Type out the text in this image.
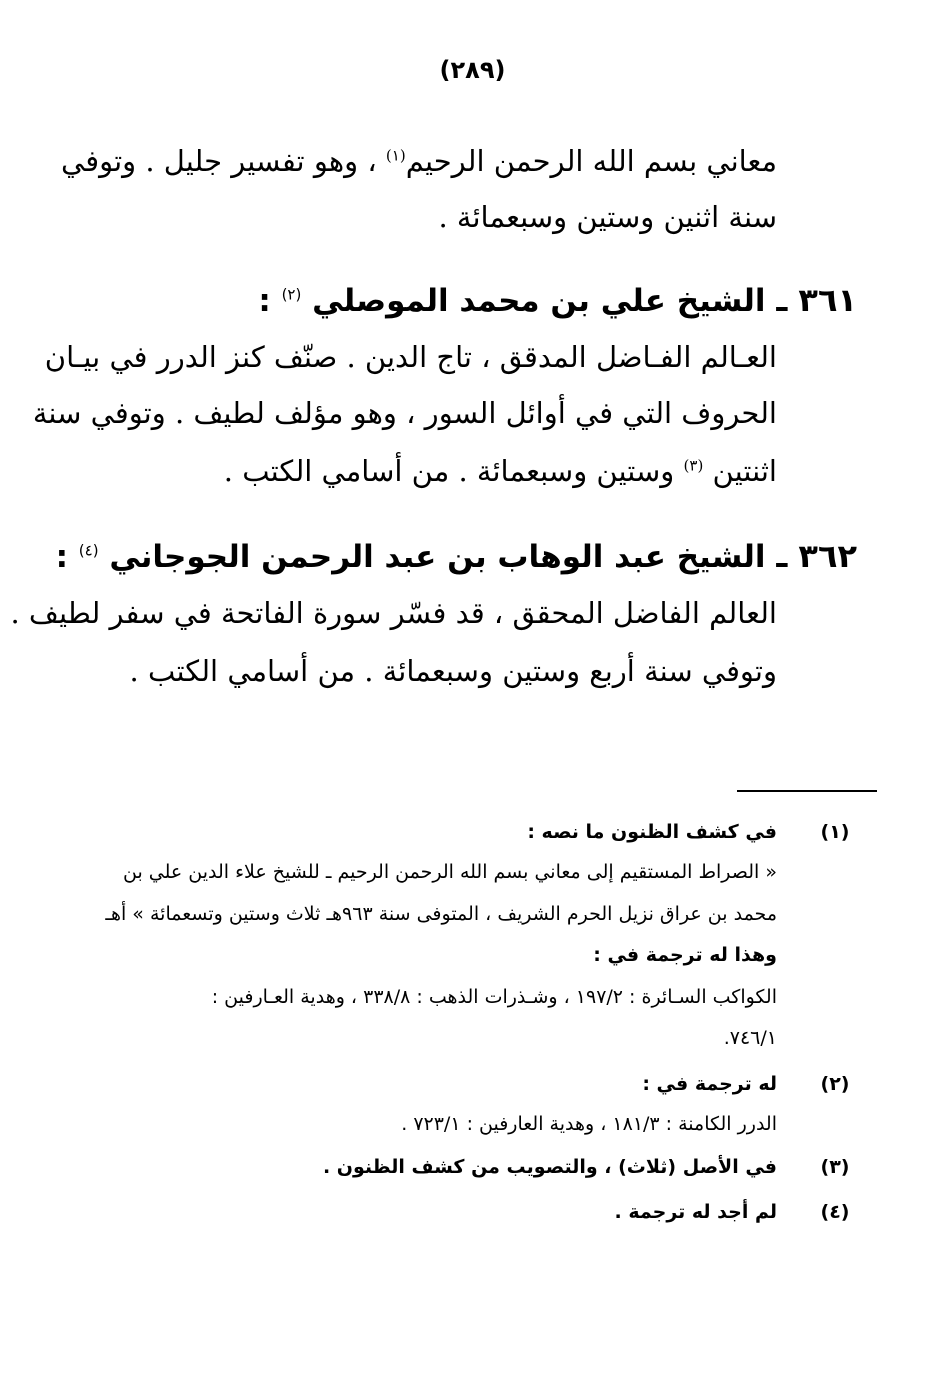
(٢٨٩)
معاني بسم الله الرحمن الرحيم$^{(١)}$ ، وهو تفسير جليل . وتوفي
سنة اثنين وستين وسبعمائة .
٣٦١ ـ الشيخ علي بن محمد الموصلي $^{(٢)}$ :
العـالم الفـاضل المدقق ، تاج الدين . صنّف كنز الدرر في بيـان
الحروف التي في أوائل السور ، وهو مؤلف لطيف . وتوفي سنة
اثنتين $^{(٣)}$ وستين وسبعمائة . من أسامي الكتب .
٣٦٢ ـ الشيخ عبد الوهاب بن عبد الرحمن الجوجاني $^{(٤)}$ :
العالم الفاضل المحقق ، قد فسّر سورة الفاتحة في سفر لطيف .
وتوفي سنة أربع وستين وسبعمائة . من أسامي الكتب .
(١)
في كشف الظنون ما نصه :
« الصراط المستقيم إلى معاني بسم الله الرحمن الرحيم ـ للشيخ علاء الدين علي بن
محمد بن عراق نزيل الحرم الشريف ، المتوفى سنة ٩٦٣هـ ثلاث وستين وتسعمائة » أهـ
وهذا له ترجمة في :
الكواكب السـائرة : ١٩٧/٢ ، وشـذرات الذهب : ٣٣٨/٨ ، وهدية العـارفين :
٧٤٦/١.
(٢)
له ترجمة في :
الدرر الكامنة : ١٨١/٣ ، وهدية العارفين : ٧٢٣/١ .
(٣)
في الأصل (ثلاث) ، والتصويب من كشف الظنون .
(٤)
لم أجد له ترجمة .
